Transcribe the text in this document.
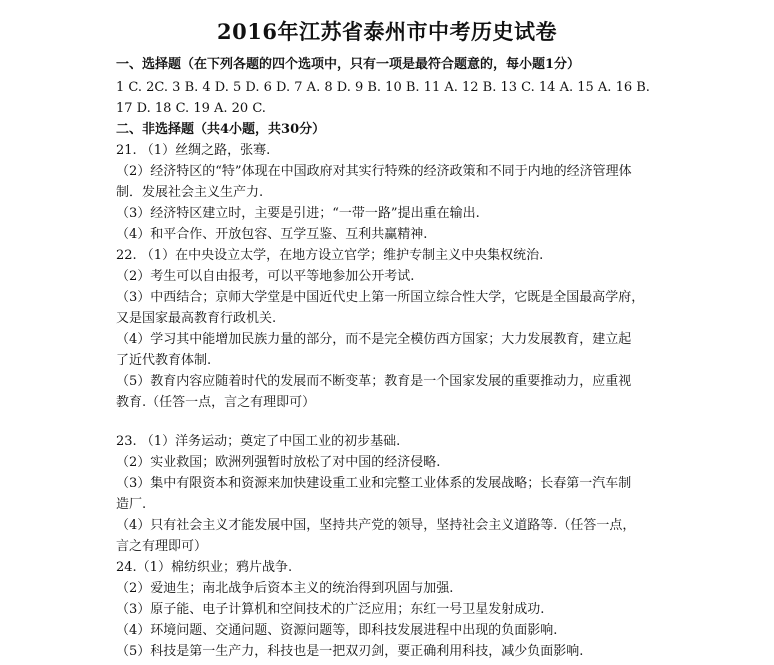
2016年江苏省泰州市中考历史试卷
一、选择题（在下列各题的四个选项中，只有一项是最符合题意的，每小题1分）
1 C. 2C. 3 B. 4 D. 5 D. 6 D. 7 A. 8 D. 9 B. 10 B. 11 A. 12 B. 13 C. 14 A. 15 A. 16 B.
17 D. 18 C. 19 A. 20 C.
二、非选择题（共4小题，共30分）
21. （1）丝绸之路，张骞.
（2）经济特区的“特”体现在中国政府对其实行特殊的经济政策和不同于内地的经济管理体
制．发展社会主义生产力.
（3）经济特区建立时，主要是引进；“一带一路”提出重在输出.
（4）和平合作、开放包容、互学互鉴、互利共赢精神.
22. （1）在中央设立太学，在地方设立官学；维护专制主义中央集权统治.
（2）考生可以自由报考，可以平等地参加公开考试.
（3）中西结合；京师大学堂是中国近代史上第一所国立综合性大学，它既是全国最高学府，
又是国家最高教育行政机关.
（4）学习其中能增加民族力量的部分，而不是完全模仿西方国家；大力发展教育，建立起
了近代教育体制.
（5）教育内容应随着时代的发展而不断变革；教育是一个国家发展的重要推动力，应重视
教育.（任答一点，言之有理即可）
23. （1）洋务运动；奠定了中国工业的初步基础.
（2）实业救国；欧洲列强暂时放松了对中国的经济侵略.
（3）集中有限资本和资源来加快建设重工业和完整工业体系的发展战略；长春第一汽车制
造厂.
（4）只有社会主义才能发展中国，坚持共产党的领导，坚持社会主义道路等.（任答一点，
言之有理即可）
24.（1）棉纺织业；鸦片战争.
（2）爱迪生；南北战争后资本主义的统治得到巩固与加强.
（3）原子能、电子计算机和空间技术的广泛应用；东红一号卫星发射成功.
（4）环境问题、交通问题、资源问题等，即科技发展进程中出现的负面影响.
（5）科技是第一生产力，科技也是一把双刃剑，要正确利用科技，减少负面影响.
